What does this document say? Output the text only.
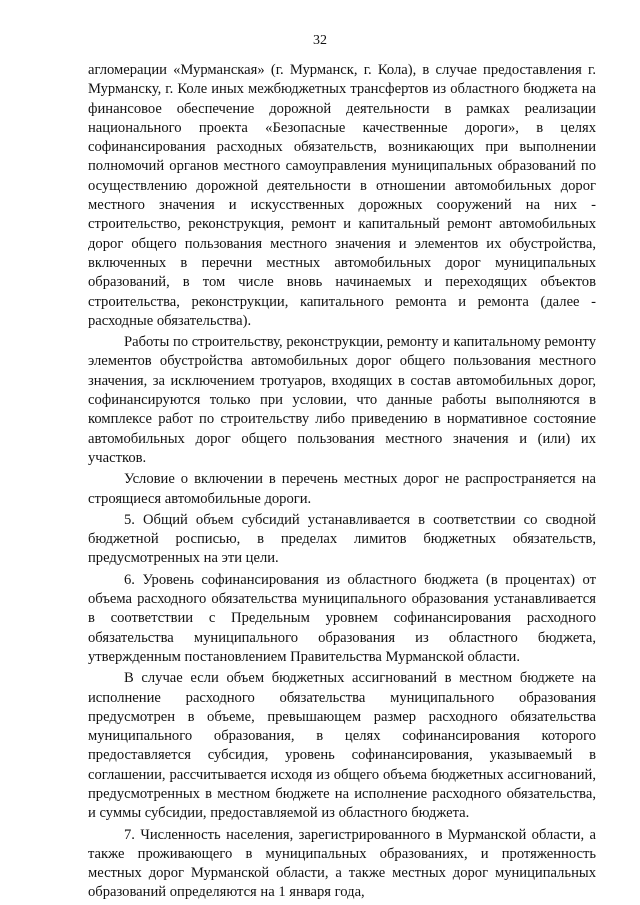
32

агломерации «Мурманская» (г. Мурманск, г. Кола), в случае предоставления г. Мурманску, г. Коле иных межбюджетных трансфертов из областного бюджета на финансовое обеспечение дорожной деятельности в рамках реализации национального проекта «Безопасные качественные дороги», в целях софинансирования расходных обязательств, возникающих при выполнении полномочий органов местного самоуправления муниципальных образований по осуществлению дорожной деятельности в отношении автомобильных дорог местного значения и искусственных дорожных сооружений на них - строительство, реконструкция, ремонт и капитальный ремонт автомобильных дорог общего пользования местного значения и элементов их обустройства, включенных в перечни местных автомобильных дорог муниципальных образований, в том числе вновь начинаемых и переходящих объектов строительства, реконструкции, капитального ремонта и ремонта (далее - расходные обязательства).

Работы по строительству, реконструкции, ремонту и капитальному ремонту элементов обустройства автомобильных дорог общего пользования местного значения, за исключением тротуаров, входящих в состав автомобильных дорог, софинансируются только при условии, что данные работы выполняются в комплексе работ по строительству либо приведению в нормативное состояние автомобильных дорог общего пользования местного значения и (или) их участков.

Условие о включении в перечень местных дорог не распространяется на строящиеся автомобильные дороги.

5. Общий объем субсидий устанавливается в соответствии со сводной бюджетной росписью, в пределах лимитов бюджетных обязательств, предусмотренных на эти цели.

6. Уровень софинансирования из областного бюджета (в процентах) от объема расходного обязательства муниципального образования устанавливается в соответствии с Предельным уровнем софинансирования расходного обязательства муниципального образования из областного бюджета, утвержденным постановлением Правительства Мурманской области.

В случае если объем бюджетных ассигнований в местном бюджете на исполнение расходного обязательства муниципального образования предусмотрен в объеме, превышающем размер расходного обязательства муниципального образования, в целях софинансирования которого предоставляется субсидия, уровень софинансирования, указываемый в соглашении, рассчитывается исходя из общего объема бюджетных ассигнований, предусмотренных в местном бюджете на исполнение расходного обязательства, и суммы субсидии, предоставляемой из областного бюджета.

7. Численность населения, зарегистрированного в Мурманской области, а также проживающего в муниципальных образованиях, и протяженность местных дорог Мурманской области, а также местных дорог муниципальных образований определяются на 1 января года,
